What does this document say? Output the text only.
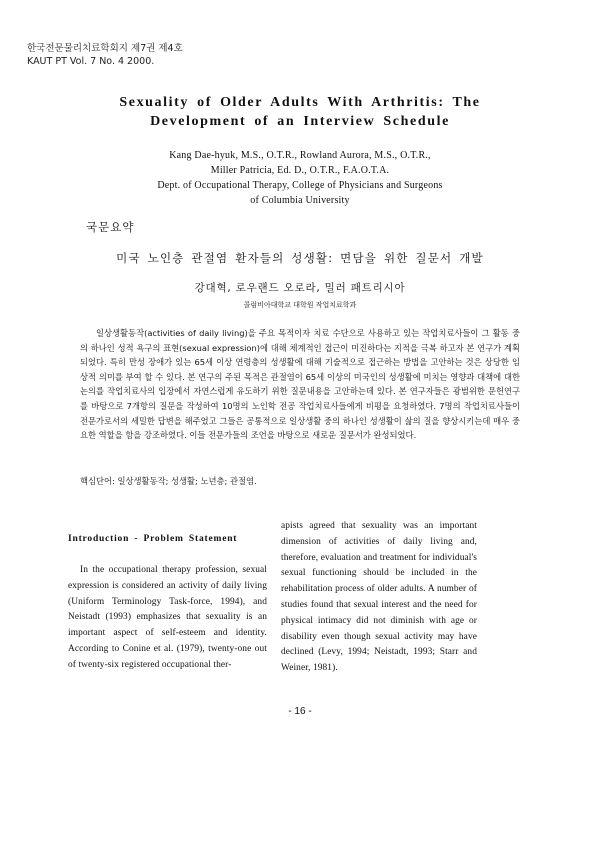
한국전문물리치료학회지 제7권 제4호
KAUT PT Vol. 7 No. 4 2000.
Sexuality of Older Adults With Arthritis: The
Development of an Interview Schedule
Kang Dae-hyuk, M.S., O.T.R., Rowland Aurora, M.S., O.T.R.,
Miller Patricia, Ed. D., O.T.R., F.A.O.T.A.
Dept. of Occupational Therapy, College of Physicians and Surgeons
of Columbia University
국문요약
미국 노인층 관절염 환자들의 성생활: 면담을 위한 질문서 개발
강대혁, 로우랜드 오로라, 밀러 패트리시아
콜럼비아대학교 대학원 작업치료학과

일상생활동작(activities of daily living)을 주요 목적이자 치료 수단으로 사용하고 있는 작업치료사들이 그 활동 중의 하나인 성적 욕구의 표현(sexual expression)에 대해 체계적인 접근이 미진하다는 지적을 극복 하고자 본 연구가 계획되었다. 특히 만성 장애가 있는 65세 이상 연령층의 성생활에 대해 기술적으로 접근하는 방법을 고안하는 것은 상당한 임상적 의미를 부여 할 수 있다. 본 연구의 주된 목적은 관절염이 65세 이상의 미국인의 성생활에 미치는 영향과 대책에 대한 논의를 작업치료사의 입장에서 자연스럽게 유도하기 위한 질문내용을 고안하는데 있다. 본 연구자들은 광범위한 문헌연구를 바탕으로 7개항의 질문을 작성하여 10명의 노인학 전공 작업치료사들에게 비평을 요청하였다. 7명의 작업치료사들이 전문가로서의 세밀한 답변을 해주었고 그들은 공통적으로 일상생활 중의 하나인 성생활이 삶의 질을 향상시키는데 매우 중요한 역할을 함을 강조하였다. 이들 전문가들의 조언을 바탕으로 새로운 질문서가 완성되었다.

핵심단어: 일상생활동작; 성생활; 노년층; 관절염.
Introduction - Problem Statement

In the occupational therapy profession, sexual expression is considered an activity of daily living (Uniform Terminology Task-force, 1994), and Neistadt (1993) emphasizes that sexuality is an important aspect of self-esteem and identity. According to Conine et al. (1979), twenty-one out of twenty-six registered occupational ther-

apists agreed that sexuality was an important dimension of activities of daily living and, therefore, evaluation and treatment for individual's sexual functioning should be included in the rehabilitation process of older adults. A number of studies found that sexual interest and the need for physical intimacy did not diminish with age or disability even though sexual activity may have declined (Levy, 1994; Neistadt, 1993; Starr and Weiner, 1981).

- 16 -
